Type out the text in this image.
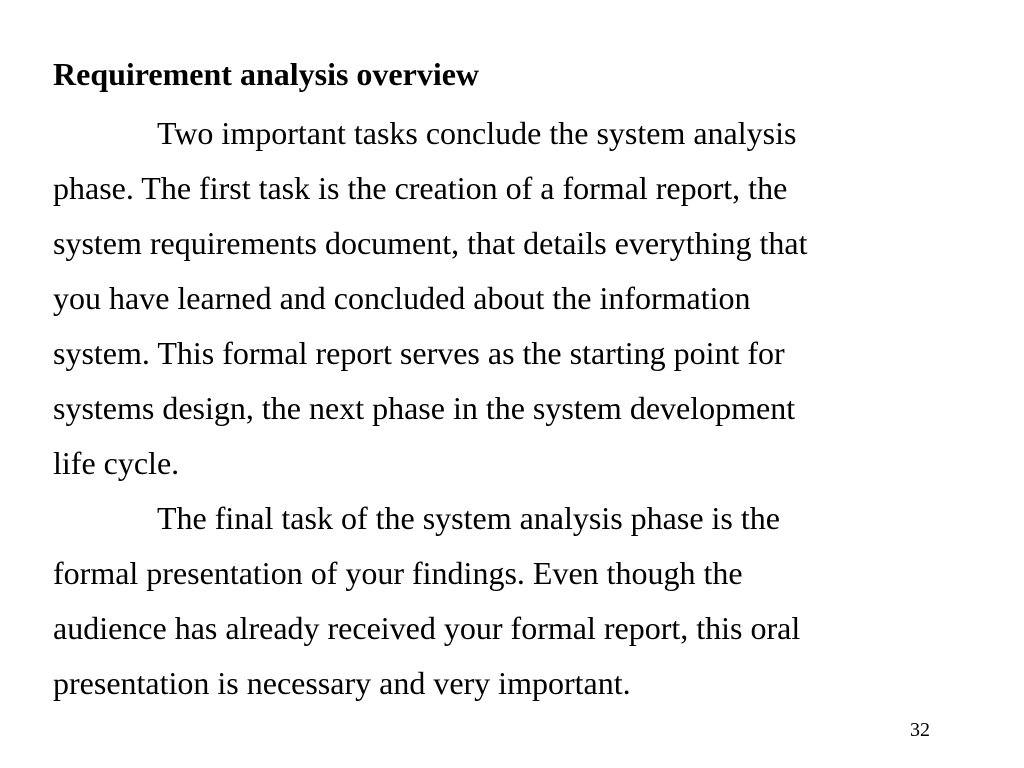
Requirement analysis overview
Two important tasks conclude the system analysis
phase. The first task is the creation of a formal report, the
system requirements document, that details everything that
you have learned and concluded about the information
system. This formal report serves as the starting point for
systems design, the next phase in the system development
life cycle.
The final task of the system analysis phase is the
formal presentation of your findings. Even though the
audience has already received your formal report, this oral
presentation is necessary and very important.
32
